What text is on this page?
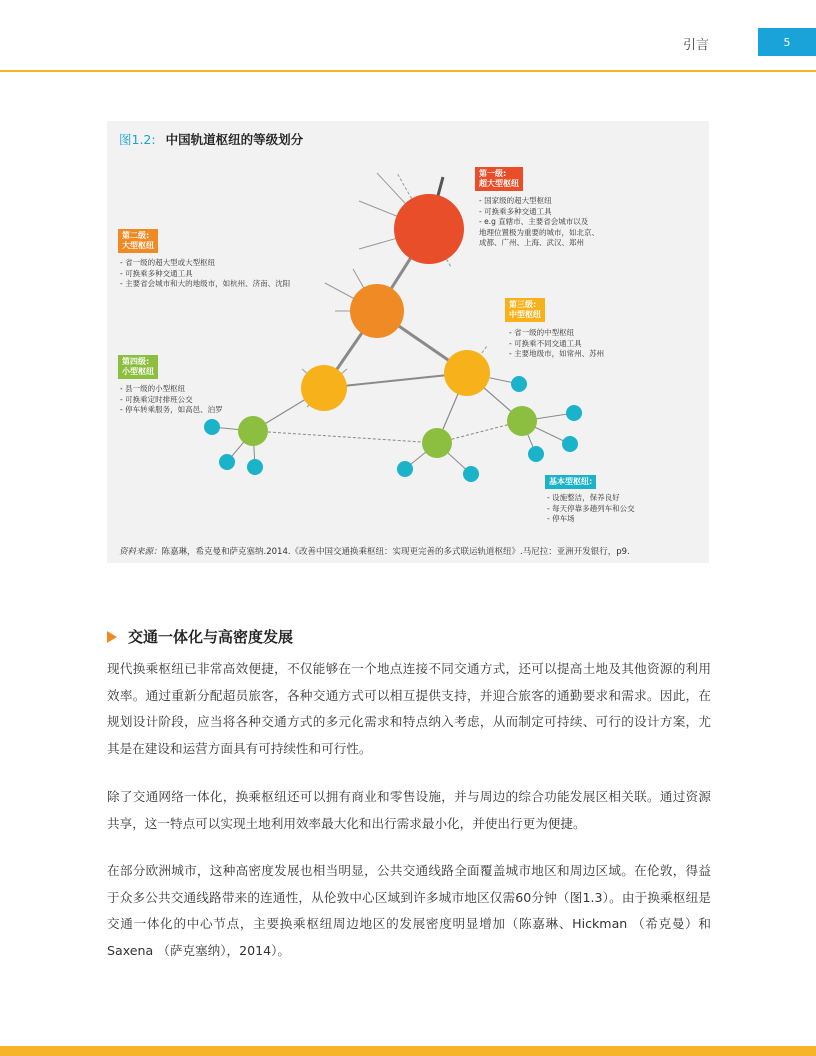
引言	5
图1.2: 中国轨道枢纽的等级划分
第一级:
超大型枢纽
- 国家级的超大型枢纽
- 可换乘多种交通工具
- e.g 直辖市、主要省会城市以及
地理位置极为重要的城市，如北京、
成都、广州、上海、武汉、郑州
第二级:
大型枢纽
- 省一级的超大型或大型枢纽
- 可换乘多种交通工具
- 主要省会城市和大的地级市，如杭州、济南、沈阳
第三级:
中型枢纽
- 省一级的中型枢纽
- 可换乘不同交通工具
- 主要地级市，如常州、苏州
第四级:
小型枢纽
- 县一级的小型枢纽
- 可换乘定时排班公交
- 停车转乘服务，如高邑、泊罗
基本型枢纽:
- 设施整洁，保养良好
- 每天停靠多趟列车和公交
- 停车场
资料来源：陈嘉琳，希克曼和萨克塞纳.2014.《改善中国交通换乘枢纽：实现更完善的多式联运轨道枢纽》.马尼拉：亚洲开发银行，p9.
交通一体化与高密度发展

现代换乘枢纽已非常高效便捷，不仅能够在一个地点连接不同交通方式，还可以提高土地及其他资源的利用效率。通过重新分配超员旅客，各种交通方式可以相互提供支持，并迎合旅客的通勤要求和需求。因此，在规划设计阶段，应当将各种交通方式的多元化需求和特点纳入考虑，从而制定可持续、可行的设计方案，尤其是在建设和运营方面具有可持续性和可行性。

除了交通网络一体化，换乘枢纽还可以拥有商业和零售设施，并与周边的综合功能发展区相关联。通过资源共享，这一特点可以实现土地利用效率最大化和出行需求最小化，并使出行更为便捷。

在部分欧洲城市，这种高密度发展也相当明显，公共交通线路全面覆盖城市地区和周边区域。在伦敦，得益于众多公共交通线路带来的连通性，从伦敦中心区域到许多城市地区仅需60分钟（图1.3）。由于换乘枢纽是交通一体化的中心节点，主要换乘枢纽周边地区的发展密度明显增加（陈嘉琳、Hickman （希克曼）和 Saxena （萨克塞纳），2014）。
